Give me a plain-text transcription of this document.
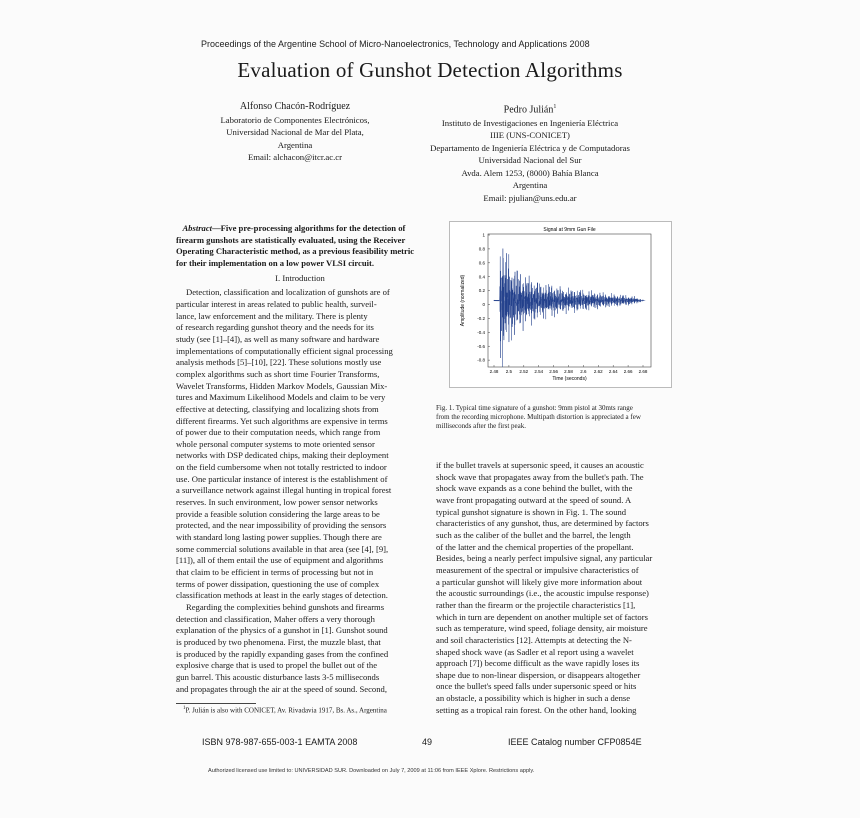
Proceedings of the Argentine School of Micro-Nanoelectronics, Technology and Applications 2008
Evaluation of Gunshot Detection Algorithms
Alfonso Chacón-Rodríguez
Laboratorio de Componentes Electrónicos,
Universidad Nacional de Mar del Plata,
Argentina
Email: alchacon@itcr.ac.cr
Pedro Julián$^1$
Instituto de Investigaciones en Ingeniería Eléctrica
IIIE (UNS-CONICET)
Departamento de Ingeniería Eléctrica y de Computadoras
Universidad Nacional del Sur
Avda. Alem 1253, (8000) Bahía Blanca
Argentina
Email: pjulian@uns.edu.ar

Abstract—Five pre-processing algorithms for the detection of

firearm gunshots are statistically evaluated, using the Receiver

Operating Characteristic method, as a previous feasibility metric

for their implementation on a low power VLSI circuit.

I. Introduction

Detection, classification and localization of gunshots are of

particular interest in areas related to public health, surveil-

lance, law enforcement and the military. There is plenty

of research regarding gunshot theory and the needs for its

study (see [1]–[4]), as well as many software and hardware

implementations of computationally efficient signal processing

analysis methods [5]–[10], [22]. These solutions mostly use

complex algorithms such as short time Fourier Transforms,

Wavelet Transforms, Hidden Markov Models, Gaussian Mix-

tures and Maximum Likelihood Models and claim to be very

effective at detecting, classifying and localizing shots from

different firearms. Yet such algorithms are expensive in terms

of power due to their computation needs, which range from

whole personal computer systems to mote oriented sensor

networks with DSP dedicated chips, making their deployment

on the field cumbersome when not totally restricted to indoor

use. One particular instance of interest is the establishment of

a surveillance network against illegal hunting in tropical forest

reserves. In such environment, low power sensor networks

provide a feasible solution considering the large areas to be

protected, and the near impossibility of providing the sensors

with standard long lasting power supplies. Though there are

some commercial solutions available in that area (see [4], [9],

[11]), all of them entail the use of equipment and algorithms

that claim to be efficient in terms of processing but not in

terms of power dissipation, questioning the use of complex

classification methods at least in the early stages of detection.

Regarding the complexities behind gunshots and firearms

detection and classification, Maher offers a very thorough

explanation of the physics of a gunshot in [1]. Gunshot sound

is produced by two phenomena. First, the muzzle blast, that

is produced by the rapidly expanding gases from the confined

explosive charge that is used to propel the bullet out of the

gun barrel. This acoustic disturbance lasts 3-5 milliseconds

and propagates through the air at the speed of sound. Second,

$^1$P. Julián is also with CONICET, Av. Rivadavia 1917, Bs. As., Argentina
Signal at 9mm Gun File
Time (seconds)
Amplitude (normalized)
1
0.8
0.6
0.4
0.2
0
-0.2
-0.4
-0.6
-0.8
2.48 2.5 2.52 2.54 2.56 2.58 2.6 2.62 2.64 2.66 2.68

Fig. 1. Typical time signature of a gunshot: 9mm pistol at 30mts range

from the recording microphone. Multipath distortion is appreciated a few

milliseconds after the first peak.

if the bullet travels at supersonic speed, it causes an acoustic

shock wave that propagates away from the bullet's path. The

shock wave expands as a cone behind the bullet, with the

wave front propagating outward at the speed of sound. A

typical gunshot signature is shown in Fig. 1. The sound

characteristics of any gunshot, thus, are determined by factors

such as the caliber of the bullet and the barrel, the length

of the latter and the chemical properties of the propellant.

Besides, being a nearly perfect impulsive signal, any particular

measurement of the spectral or impulsive characteristics of

a particular gunshot will likely give more information about

the acoustic surroundings (i.e., the acoustic impulse response)

rather than the firearm or the projectile characteristics [1],

which in turn are dependent on another multiple set of factors

such as temperature, wind speed, foliage density, air moisture

and soil characteristics [12]. Attempts at detecting the N-

shaped shock wave (as Sadler et al report using a wavelet

approach [7]) become difficult as the wave rapidly loses its

shape due to non-linear dispersion, or disappears altogether

once the bullet's speed falls under supersonic speed or hits

an obstacle, a possibility which is higher in such a dense

setting as a tropical rain forest. On the other hand, looking

ISBN 978-987-655-003-1 EAMTA 2008	49	IEEE Catalog number CFP0854E
Authorized licensed use limited to: UNIVERSIDAD SUR. Downloaded on July 7, 2009 at 11:06 from IEEE Xplore. Restrictions apply.
